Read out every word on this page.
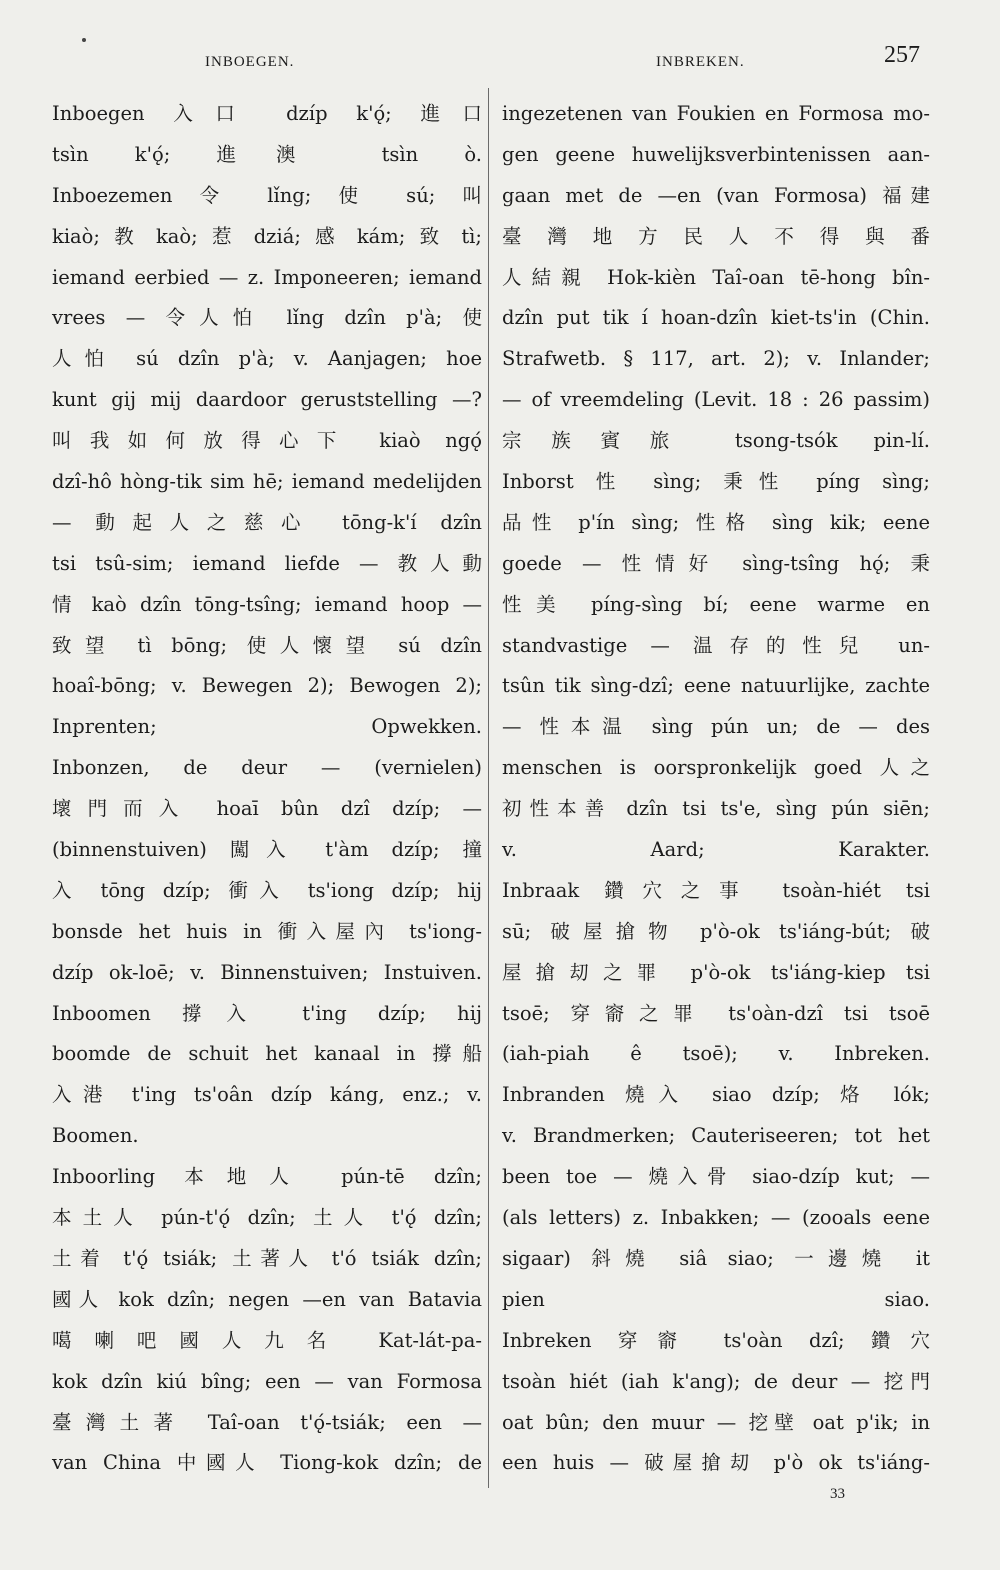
INBOEGEN.	INBREKEN.	257
Inboegen 入口 dzíp k'ǫ́; 進口
tsìn k'ǫ́; 進澳 tsìn ò.
Inboezemen 令 lǐng; 使 sú; 叫
kiaò; 教 kaò; 惹 dziá; 感 kám; 致 tì;
iemand eerbied — z. Imponeeren; iemand
vrees — 令人怕 lǐng dzîn p'à; 使
人怕 sú dzîn p'à; v. Aanjagen; hoe
kunt gij mij daardoor geruststelling —?
叫我如何放得心下 kiaò ngǫ́
dzî-hô hòng-tik sim hē; iemand medelijden
— 動起人之慈心 tōng-k'í dzîn
tsi tsû-sim; iemand liefde — 教人動
情 kaò dzîn tōng-tsîng; iemand hoop —
致望 tì bōng; 使人懷望 sú dzîn
hoaî-bōng; v. Bewegen 2); Bewogen 2);
Inprenten; Opwekken.
Inbonzen, de deur — (vernielen)
壞門而入 hoaī bûn dzî dzíp; —
(binnenstuiven) 闖入 t'àm dzíp; 撞
入 tōng dzíp; 衝入 ts'iong dzíp; hij
bonsde het huis in 衝入屋內 ts'iong-
dzíp ok-loē; v. Binnenstuiven; Instuiven.
Inboomen 撐入 t'ing dzíp; hij
boomde de schuit het kanaal in 撐船
入港 t'ing ts'oân dzíp káng, enz.; v.
Boomen.
Inboorling 本地人 pún-tē dzîn;
本土人 pún-t'ǫ́ dzîn; 土人 t'ǫ́ dzîn;
土着 t'ǫ́ tsiák; 土著人 t'ó tsiák dzîn;
國人 kok dzîn; negen —en van Batavia
噶喇吧國人九名 Kat-lát-pa-
kok dzîn kiú bîng; een — van Formosa
臺灣土著 Taî-oan t'ǫ́-tsiák; een —
van China 中國人 Tiong-kok dzîn; de
ingezetenen van Foukien en Formosa mo-
gen geene huwelijksverbintenissen aan-
gaan met de —en (van Formosa) 福建
臺灣地方民人不得與番
人結親 Hok-kièn Taî-oan tē-hong bîn-
dzîn put tik í hoan-dzîn kiet-ts'in (Chin.
Strafwetb. § 117, art. 2); v. Inlander;
— of vreemdeling (Levit. 18 : 26 passim)
宗族賓旅 tsong-tsók pin-lí.
Inborst 性 sìng; 秉性 píng sìng;
品性 p'ín sìng; 性格 sìng kik; eene
goede — 性情好 sìng-tsîng hǫ́; 秉
性美 píng-sìng bí; eene warme en
standvastige — 温存的性兒 un-
tsûn tik sìng-dzî; eene natuurlijke, zachte
— 性本温 sìng pún un; de — des
menschen is oorspronkelijk goed 人之
初性本善 dzîn tsi ts'e, sìng pún siēn;
v. Aard; Karakter.
Inbraak 鑽穴之事 tsoàn-hiét tsi
sū; 破屋搶物 p'ò-ok ts'iáng-bút; 破
屋搶刧之罪 p'ò-ok ts'iáng-kiep tsi
tsoē; 穿窬之罪 ts'oàn-dzî tsi tsoē
(iah-piah ê tsoē); v. Inbreken.
Inbranden 燒入 siao dzíp; 烙 lók;
v. Brandmerken; Cauteriseeren; tot het
been toe — 燒入骨 siao-dzíp kut; —
(als letters) z. Inbakken; — (zooals eene
sigaar) 斜燒 siâ siao; 一邊燒 it
pien siao.
Inbreken 穿窬 ts'oàn dzî; 鑽穴
tsoàn hiét (iah k'ang); de deur — 挖門
oat bûn; den muur — 挖壁 oat p'ik; in
een huis — 破屋搶刧 p'ò ok ts'iáng-
33
